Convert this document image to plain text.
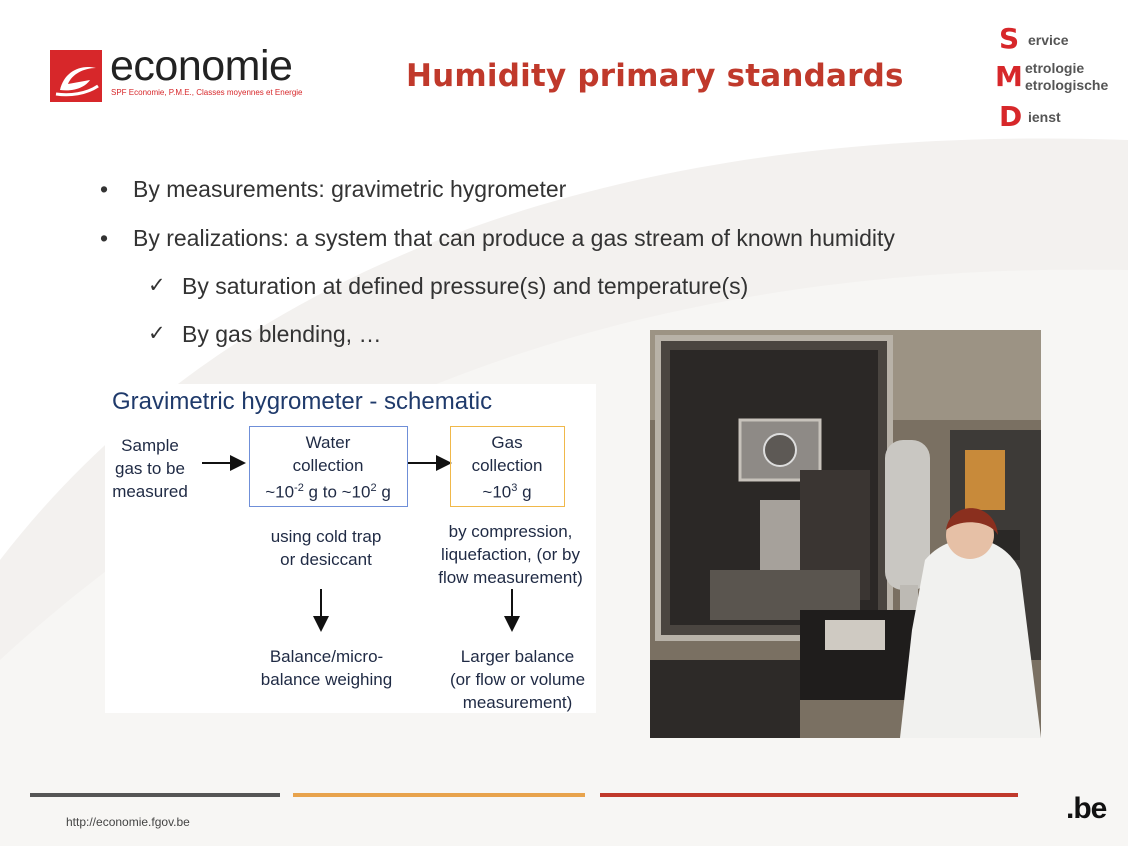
economie
SPF Economie, P.M.E., Classes moyennes et Energie	Humidity primary standards
S ervice
M etrologie
etrologische
D ienst
• By measurements: gravimetric hygrometer
• By realizations: a system that can produce a gas stream of known humidity
✓ By saturation at defined pressure(s) and temperature(s)
✓ By gas blending, …
Gravimetric hygrometer - schematic
Sample
gas to be
measured
Water
collection
$\sim 10^{-2}$ g to $\sim 10^2$ g
Gas
collection
$\sim 10^3$ g
using cold trap
or desiccant
by compression,
liquefaction, (or by
flow measurement)
Balance/micro-
balance weighing
Larger balance
(or flow or volume
measurement)
http://economie.fgov.be	.be
